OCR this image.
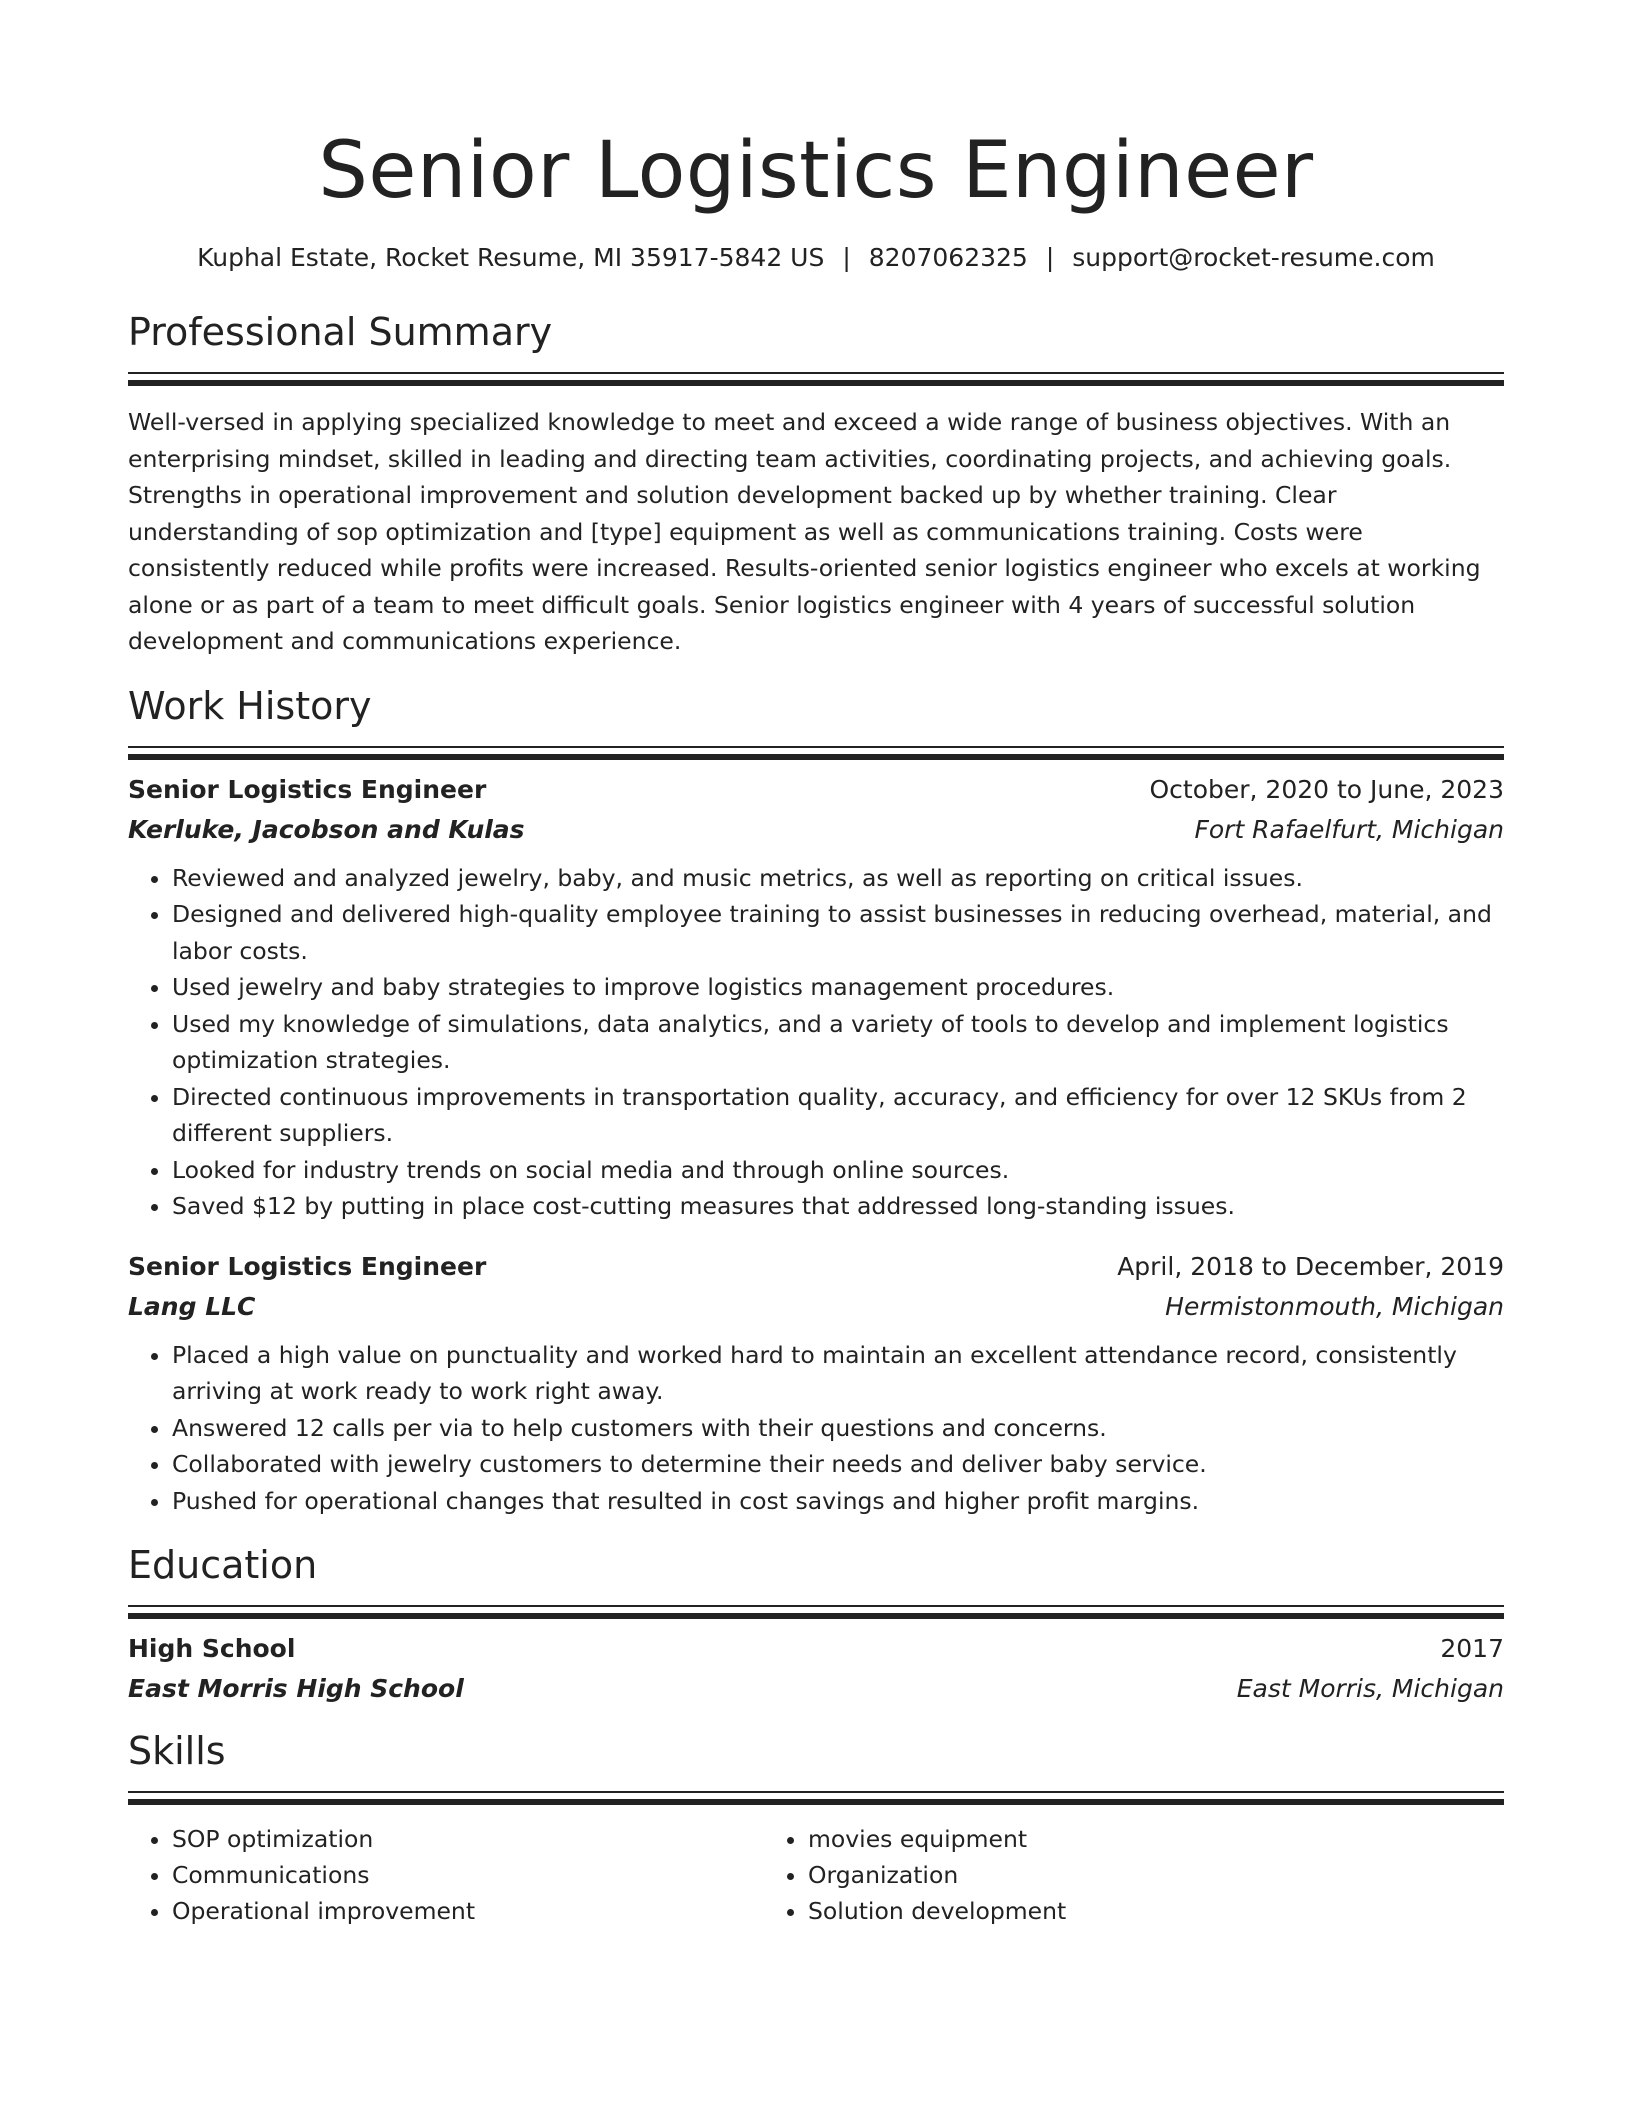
Senior Logistics Engineer
Kuphal Estate, Rocket Resume, MI 35917-5842 US | 8207062325 | support@rocket-resume.com
Professional Summary
Well-versed in applying specialized knowledge to meet and exceed a wide range of business objectives. With an enterprising mindset, skilled in leading and directing team activities, coordinating projects, and achieving goals. Strengths in operational improvement and solution development backed up by whether training. Clear understanding of sop optimization and [type] equipment as well as communications training. Costs were consistently reduced while profits were increased. Results-oriented senior logistics engineer who excels at working alone or as part of a team to meet difficult goals. Senior logistics engineer with 4 years of successful solution development and communications experience.
Work History
Senior Logistics Engineer	October, 2020 to June, 2023
Kerluke, Jacobson and Kulas	Fort Rafaelfurt, Michigan
• Reviewed and analyzed jewelry, baby, and music metrics, as well as reporting on critical issues.
• Designed and delivered high-quality employee training to assist businesses in reducing overhead, material, and labor costs.
• Used jewelry and baby strategies to improve logistics management procedures.
• Used my knowledge of simulations, data analytics, and a variety of tools to develop and implement logistics optimization strategies.
• Directed continuous improvements in transportation quality, accuracy, and efficiency for over 12 SKUs from 2 different suppliers.
• Looked for industry trends on social media and through online sources.
• Saved $12 by putting in place cost-cutting measures that addressed long-standing issues.
Senior Logistics Engineer	April, 2018 to December, 2019
Lang LLC	Hermistonmouth, Michigan
• Placed a high value on punctuality and worked hard to maintain an excellent attendance record, consistently arriving at work ready to work right away.
• Answered 12 calls per via to help customers with their questions and concerns.
• Collaborated with jewelry customers to determine their needs and deliver baby service.
• Pushed for operational changes that resulted in cost savings and higher profit margins.
Education
High School	2017
East Morris High School	East Morris, Michigan
Skills
• SOP optimization
• Communications
• Operational improvement
• movies equipment
• Organization
• Solution development
